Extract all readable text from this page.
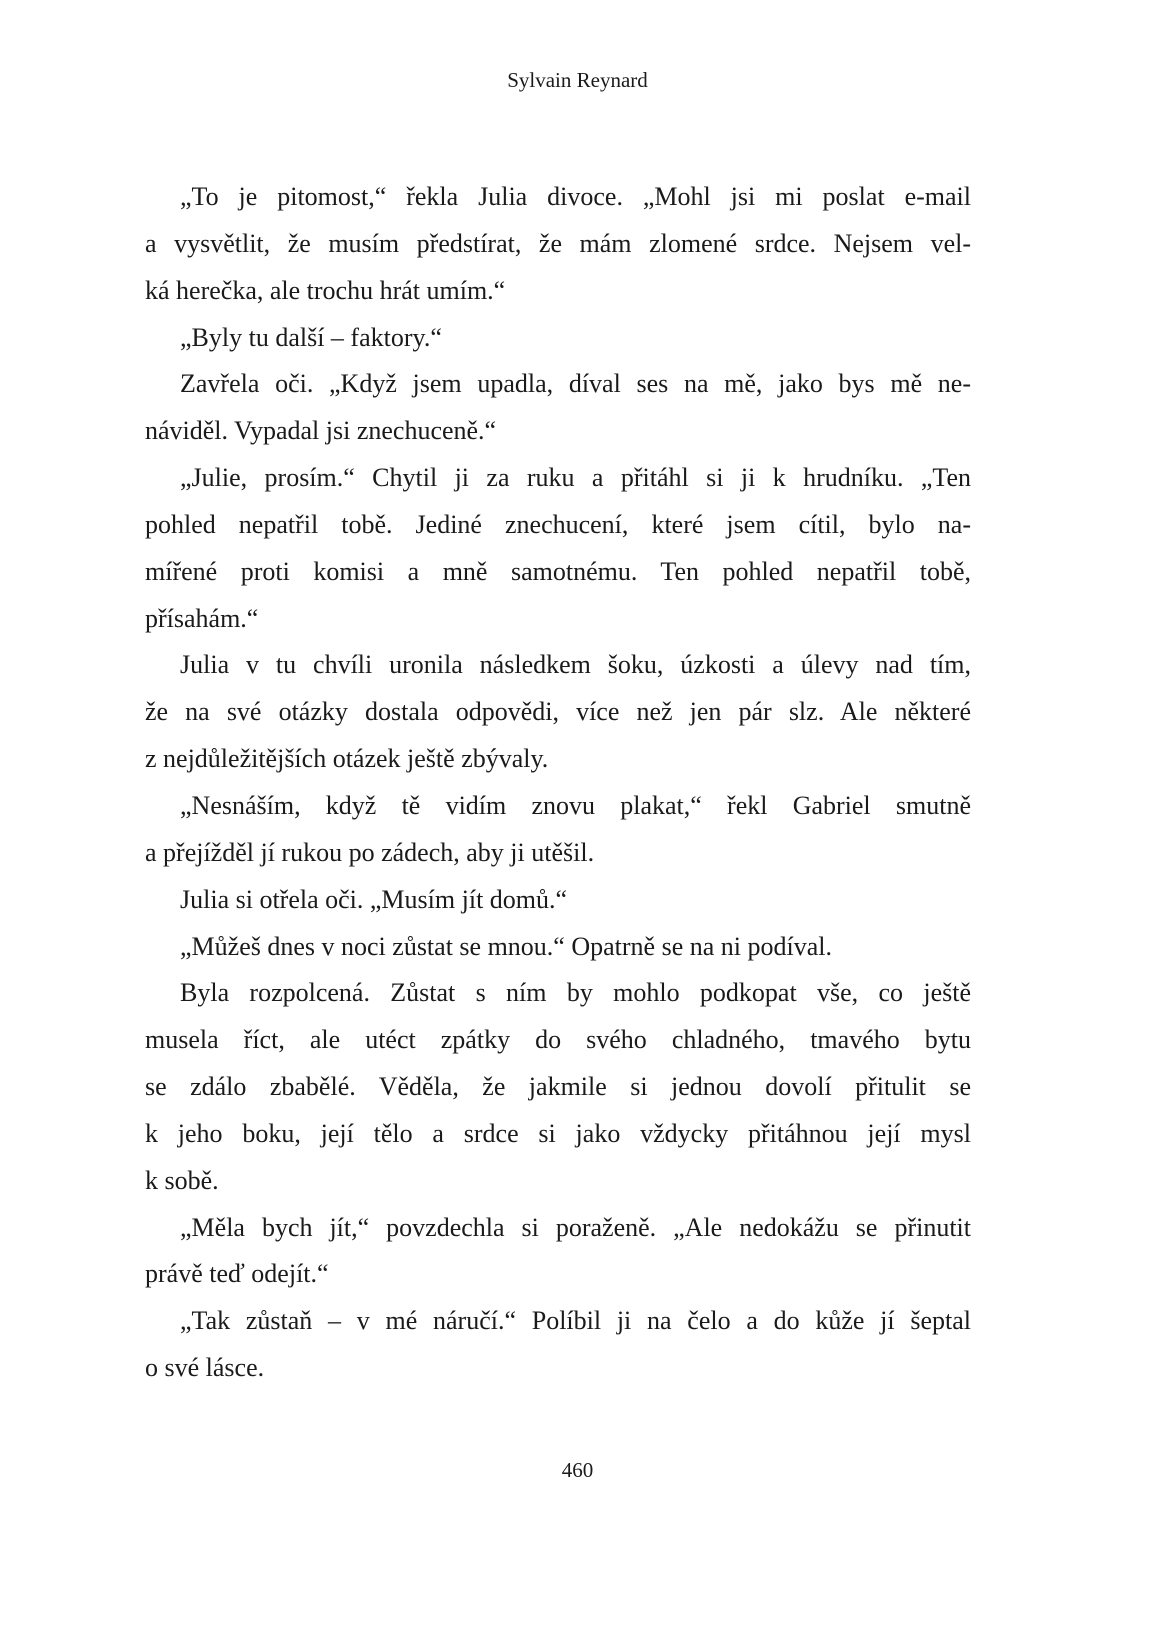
Sylvain Reynard
„To je pitomost,“ řekla Julia divoce. „Mohl jsi mi poslat e-mail
a vysvětlit, že musím předstírat, že mám zlomené srdce. Nejsem vel-
ká herečka, ale trochu hrát umím.“
„Byly tu další – faktory.“
Zavřela oči. „Když jsem upadla, díval ses na mě, jako bys mě ne-
náviděl. Vypadal jsi znechuceně.“
„Julie, prosím.“ Chytil ji za ruku a přitáhl si ji k hrudníku. „Ten
pohled nepatřil tobě. Jediné znechucení, které jsem cítil, bylo na-
mířené proti komisi a mně samotnému. Ten pohled nepatřil tobě,
přísahám.“
Julia v tu chvíli uronila následkem šoku, úzkosti a úlevy nad tím,
že na své otázky dostala odpovědi, více než jen pár slz. Ale některé
z nejdůležitějších otázek ještě zbývaly.
„Nesnáším, když tě vidím znovu plakat,“ řekl Gabriel smutně
a přejížděl jí rukou po zádech, aby ji utěšil.
Julia si otřela oči. „Musím jít domů.“
„Můžeš dnes v noci zůstat se mnou.“ Opatrně se na ni podíval.
Byla rozpolcená. Zůstat s ním by mohlo podkopat vše, co ještě
musela říct, ale utéct zpátky do svého chladného, tmavého bytu
se zdálo zbabělé. Věděla, že jakmile si jednou dovolí přitulit se
k jeho boku, její tělo a srdce si jako vždycky přitáhnou její mysl
k sobě.
„Měla bych jít,“ povzdechla si poraženě. „Ale nedokážu se přinutit
právě teď odejít.“
„Tak zůstaň – v mé náručí.“ Políbil ji na čelo a do kůže jí šeptal
o své lásce.
460
